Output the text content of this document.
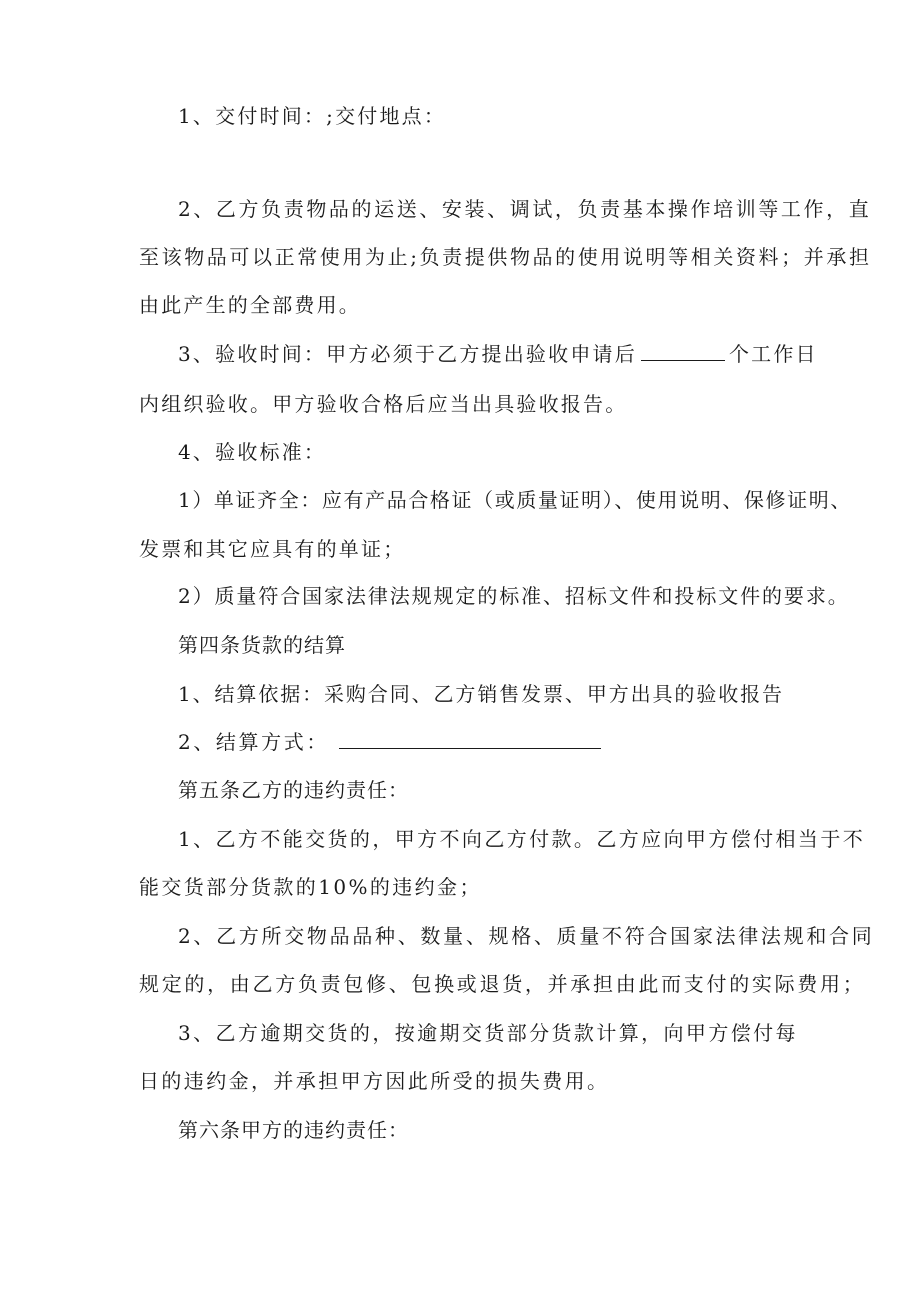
1、交付时间：;交付地点：
2、乙方负责物品的运送、安装、调试，负责基本操作培训等工作，直
至该物品可以正常使用为止;负责提供物品的使用说明等相关资料；并承担
由此产生的全部费用。
3、验收时间：甲方必须于乙方提出验收申请后	个工作日
内组织验收。甲方验收合格后应当出具验收报告。
4、验收标准：
1）单证齐全：应有产品合格证（或质量证明）、使用说明、保修证明、
发票和其它应具有的单证；
2）质量符合国家法律法规规定的标准、招标文件和投标文件的要求。
第四条货款的结算
1、结算依据：采购合同、乙方销售发票、甲方出具的验收报告
2、结算方式：
第五条乙方的违约责任：
1、乙方不能交货的，甲方不向乙方付款。乙方应向甲方偿付相当于不
能交货部分货款的10%的违约金；
2、乙方所交物品品种、数量、规格、质量不符合国家法律法规和合同
规定的，由乙方负责包修、包换或退货，并承担由此而支付的实际费用；
3、乙方逾期交货的，按逾期交货部分货款计算，向甲方偿付每
日的违约金，并承担甲方因此所受的损失费用。
第六条甲方的违约责任：
